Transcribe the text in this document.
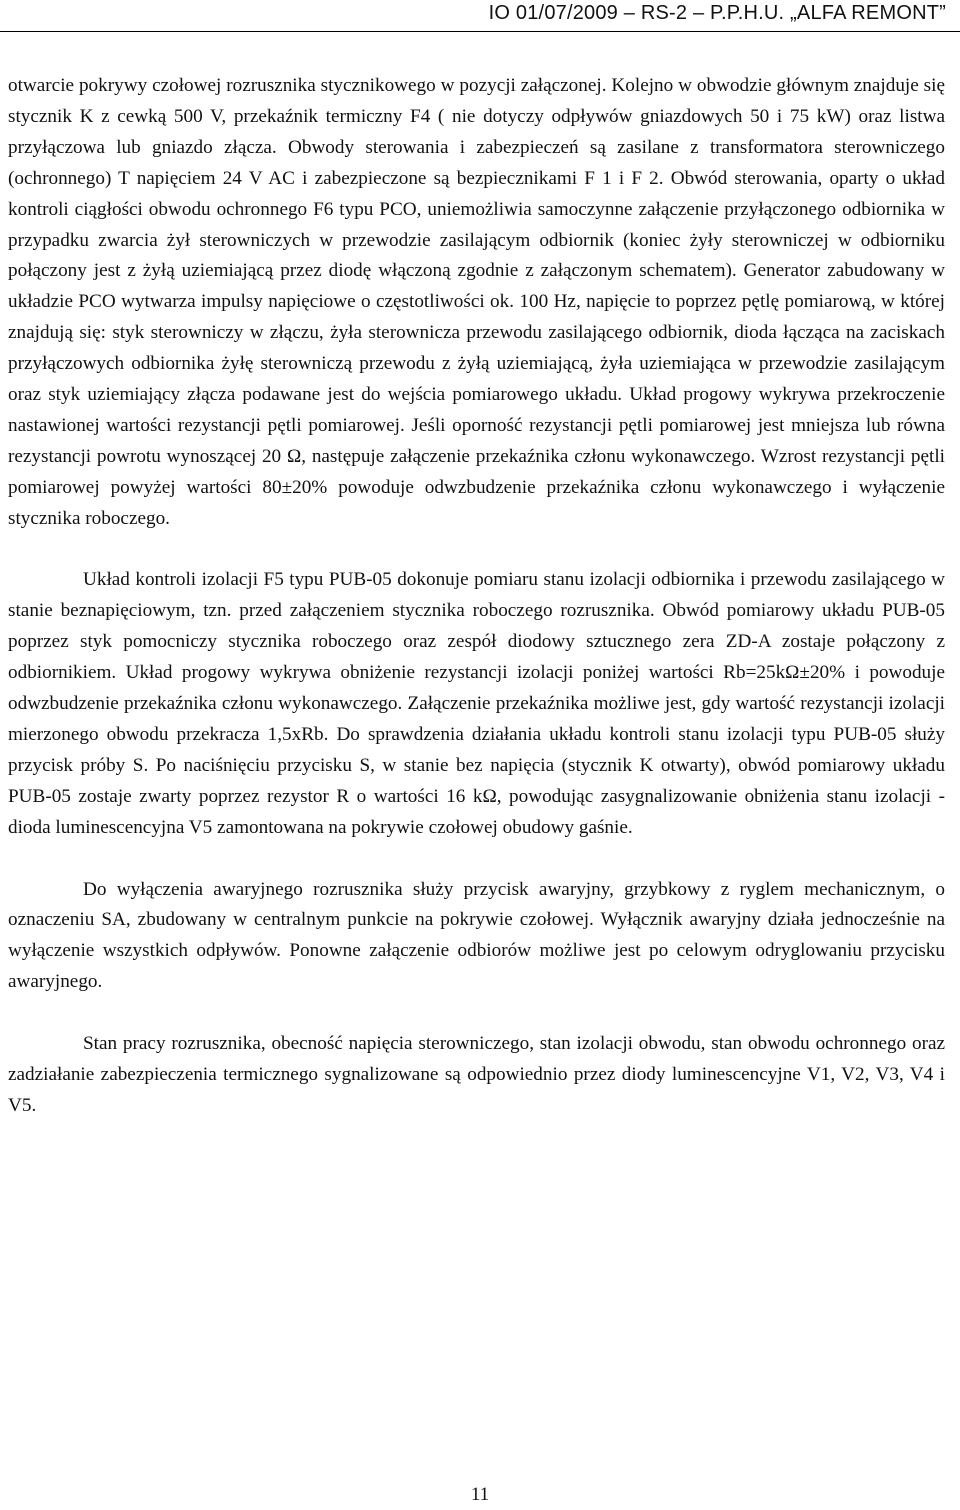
IO 01/07/2009 – RS-2 – P.P.H.U. „ALFA REMONT”

otwarcie pokrywy czołowej rozrusznika stycznikowego w pozycji załączonej. Kolejno w obwodzie głównym znajduje się stycznik K z cewką 500 V, przekaźnik termiczny F4 ( nie dotyczy odpływów gniazdowych 50 i 75 kW) oraz listwa przyłączowa lub gniazdo złącza. Obwody sterowania i zabezpieczeń są zasilane z transformatora sterowniczego (ochronnego) T napięciem 24 V AC i zabezpieczone są bezpiecznikami F 1 i F 2. Obwód sterowania, oparty o układ kontroli ciągłości obwodu ochronnego F6 typu PCO, uniemożliwia samoczynne załączenie przyłączonego odbiornika w przypadku zwarcia żył sterowniczych w przewodzie zasilającym odbiornik (koniec żyły sterowniczej w odbiorniku połączony jest z żyłą uziemiającą przez diodę włączoną zgodnie z załączonym schematem). Generator zabudowany w układzie PCO wytwarza impulsy napięciowe o częstotliwości ok. 100 Hz, napięcie to poprzez pętlę pomiarową, w której znajdują się: styk sterowniczy w złączu, żyła sterownicza przewodu zasilającego odbiornik, dioda łącząca na zaciskach przyłączowych odbiornika żyłę sterowniczą przewodu z żyłą uziemiającą, żyła uziemiająca w przewodzie zasilającym oraz styk uziemiający złącza podawane jest do wejścia pomiarowego układu. Układ progowy wykrywa przekroczenie nastawionej wartości rezystancji pętli pomiarowej. Jeśli oporność rezystancji pętli pomiarowej jest mniejsza lub równa rezystancji powrotu wynoszącej 20 Ω, następuje załączenie przekaźnika członu wykonawczego. Wzrost rezystancji pętli pomiarowej powyżej wartości 80±20% powoduje odwzbudzenie przekaźnika członu wykonawczego i wyłączenie stycznika roboczego.

Układ kontroli izolacji F5 typu PUB-05 dokonuje pomiaru stanu izolacji odbiornika i przewodu zasilającego w stanie beznapięciowym, tzn. przed załączeniem stycznika roboczego rozrusznika. Obwód pomiarowy układu PUB-05 poprzez styk pomocniczy stycznika roboczego oraz zespół diodowy sztucznego zera ZD-A zostaje połączony z odbiornikiem. Układ progowy wykrywa obniżenie rezystancji izolacji poniżej wartości Rb=25kΩ±20% i powoduje odwzbudzenie przekaźnika członu wykonawczego. Załączenie przekaźnika możliwe jest, gdy wartość rezystancji izolacji mierzonego obwodu przekracza 1,5xRb. Do sprawdzenia działania układu kontroli stanu izolacji typu PUB-05 służy przycisk próby S. Po naciśnięciu przycisku S, w stanie bez napięcia (stycznik K otwarty), obwód pomiarowy układu PUB-05 zostaje zwarty poprzez rezystor R o wartości 16 kΩ, powodując zasygnalizowanie obniżenia stanu izolacji - dioda luminescencyjna V5 zamontowana na pokrywie czołowej obudowy gaśnie.

Do wyłączenia awaryjnego rozrusznika służy przycisk awaryjny, grzybkowy z ryglem mechanicznym, o oznaczeniu SA, zbudowany w centralnym punkcie na pokrywie czołowej. Wyłącznik awaryjny działa jednocześnie na wyłączenie wszystkich odpływów. Ponowne załączenie odbiorów możliwe jest po celowym odryglowaniu przycisku awaryjnego.

Stan pracy rozrusznika, obecność napięcia sterowniczego, stan izolacji obwodu, stan obwodu ochronnego oraz zadziałanie zabezpieczenia termicznego sygnalizowane są odpowiednio przez diody luminescencyjne V1, V2, V3, V4 i V5.

11
